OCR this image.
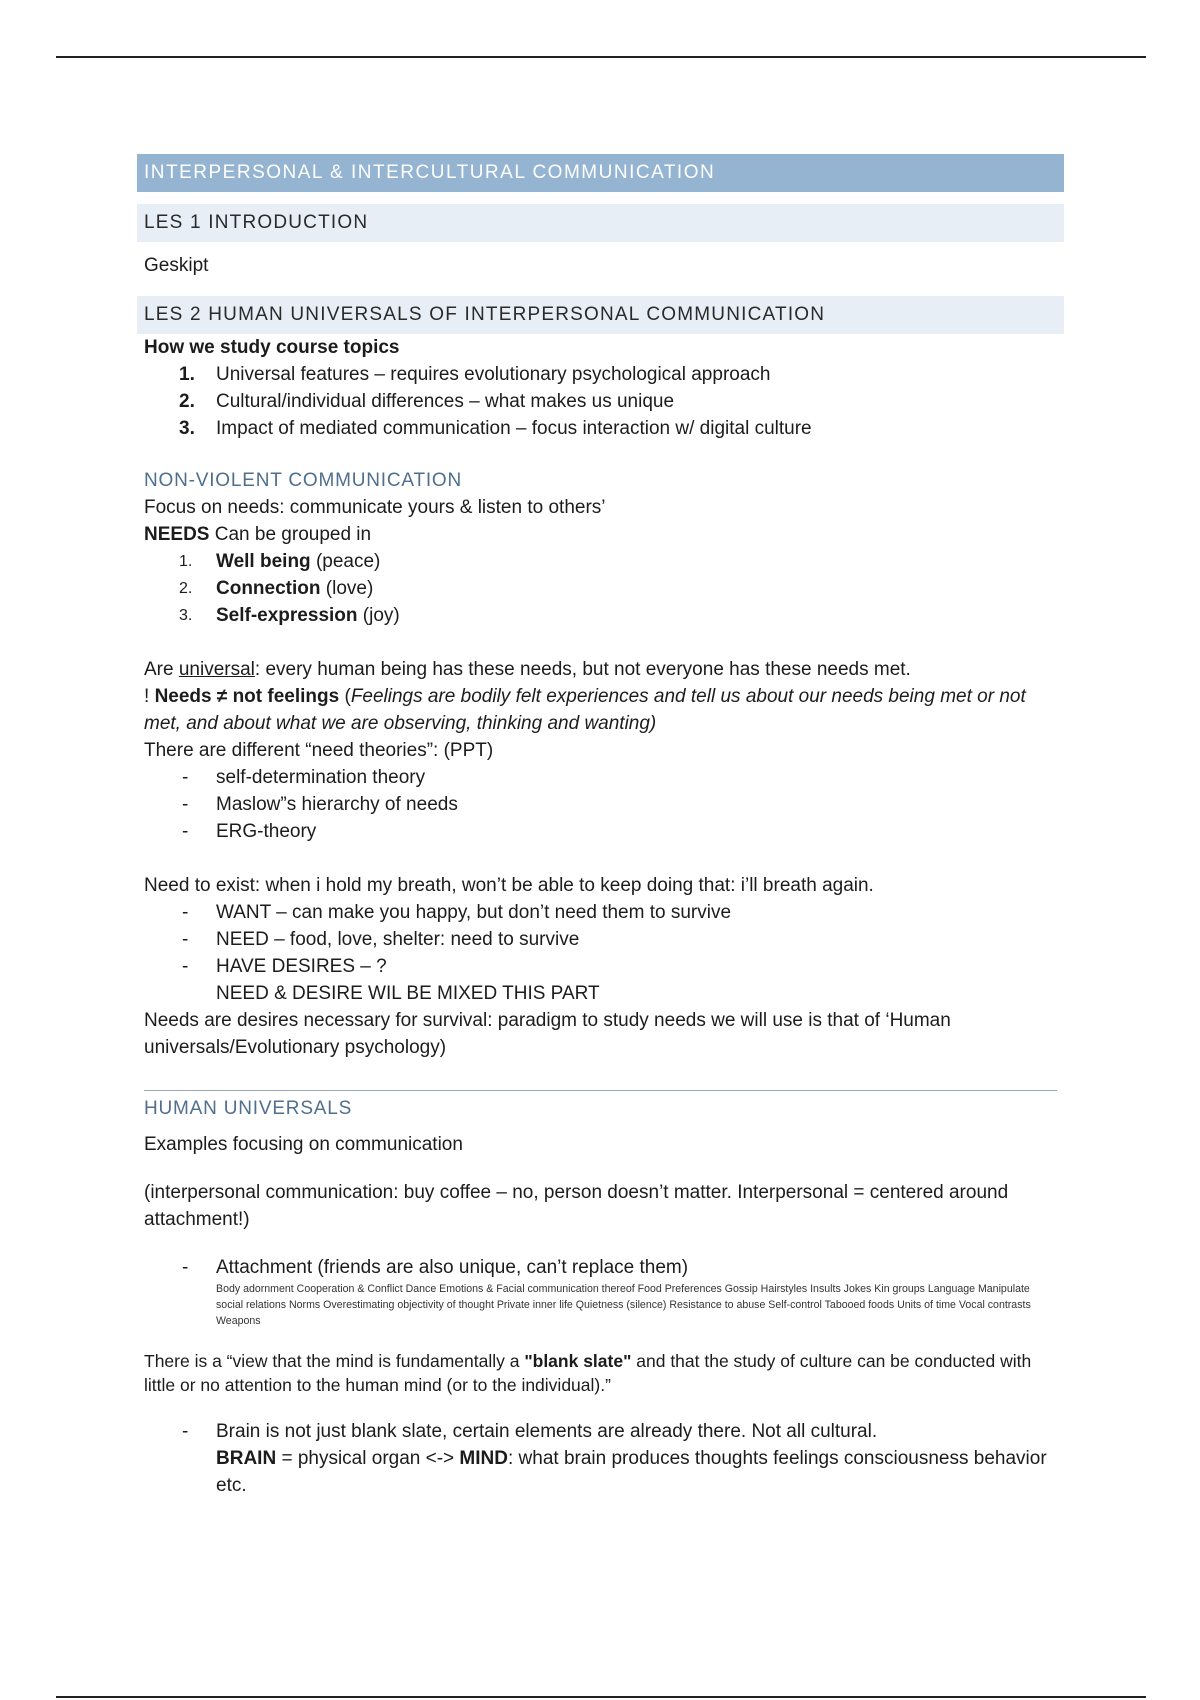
INTERPERSONAL & INTERCULTURAL COMMUNICATION
LES 1 INTRODUCTION
Geskipt
LES 2 HUMAN UNIVERSALS OF INTERPERSONAL COMMUNICATION
How we study course topics
1.	Universal features – requires evolutionary psychological approach
2.	Cultural/individual differences – what makes us unique
3.	Impact of mediated communication – focus interaction w/ digital culture
NON-VIOLENT COMMUNICATION
Focus on needs: communicate yours & listen to others’
NEEDS Can be grouped in
1.	Well being (peace)
2.	Connection (love)
3.	Self-expression (joy)
Are universal: every human being has these needs, but not everyone has these needs met.
! Needs ≠ not feelings (Feelings are bodily felt experiences and tell us about our needs being met or not met, and about what we are observing, thinking and wanting)
There are different “need theories”: (PPT)
-	self-determination theory
-	Maslow”s hierarchy of needs
-	ERG-theory
Need to exist: when i hold my breath, won’t be able to keep doing that: i’ll breath again.
-	WANT – can make you happy, but don’t need them to survive
-	NEED – food, love, shelter: need to survive
-	HAVE DESIRES – ?
NEED & DESIRE WIL BE MIXED THIS PART
Needs are desires necessary for survival: paradigm to study needs we will use is that of ‘Human universals/Evolutionary psychology)
HUMAN UNIVERSALS
Examples focusing on communication
(interpersonal communication: buy coffee – no, person doesn’t matter. Interpersonal = centered around attachment!)
-	Attachment (friends are also unique, can’t replace them)
Body adornment Cooperation & Conflict Dance Emotions & Facial communication thereof Food Preferences Gossip Hairstyles Insults Jokes Kin groups Language Manipulate social relations Norms Overestimating objectivity of thought Private inner life Quietness (silence) Resistance to abuse Self-control Tabooed foods Units of time Vocal contrasts Weapons
There is a “view that the mind is fundamentally a "blank slate" and that the study of culture can be conducted with little or no attention to the human mind (or to the individual).”
-	Brain is not just blank slate, certain elements are already there. Not all cultural.
BRAIN = physical organ <-> MIND: what brain produces thoughts feelings consciousness behavior etc.
